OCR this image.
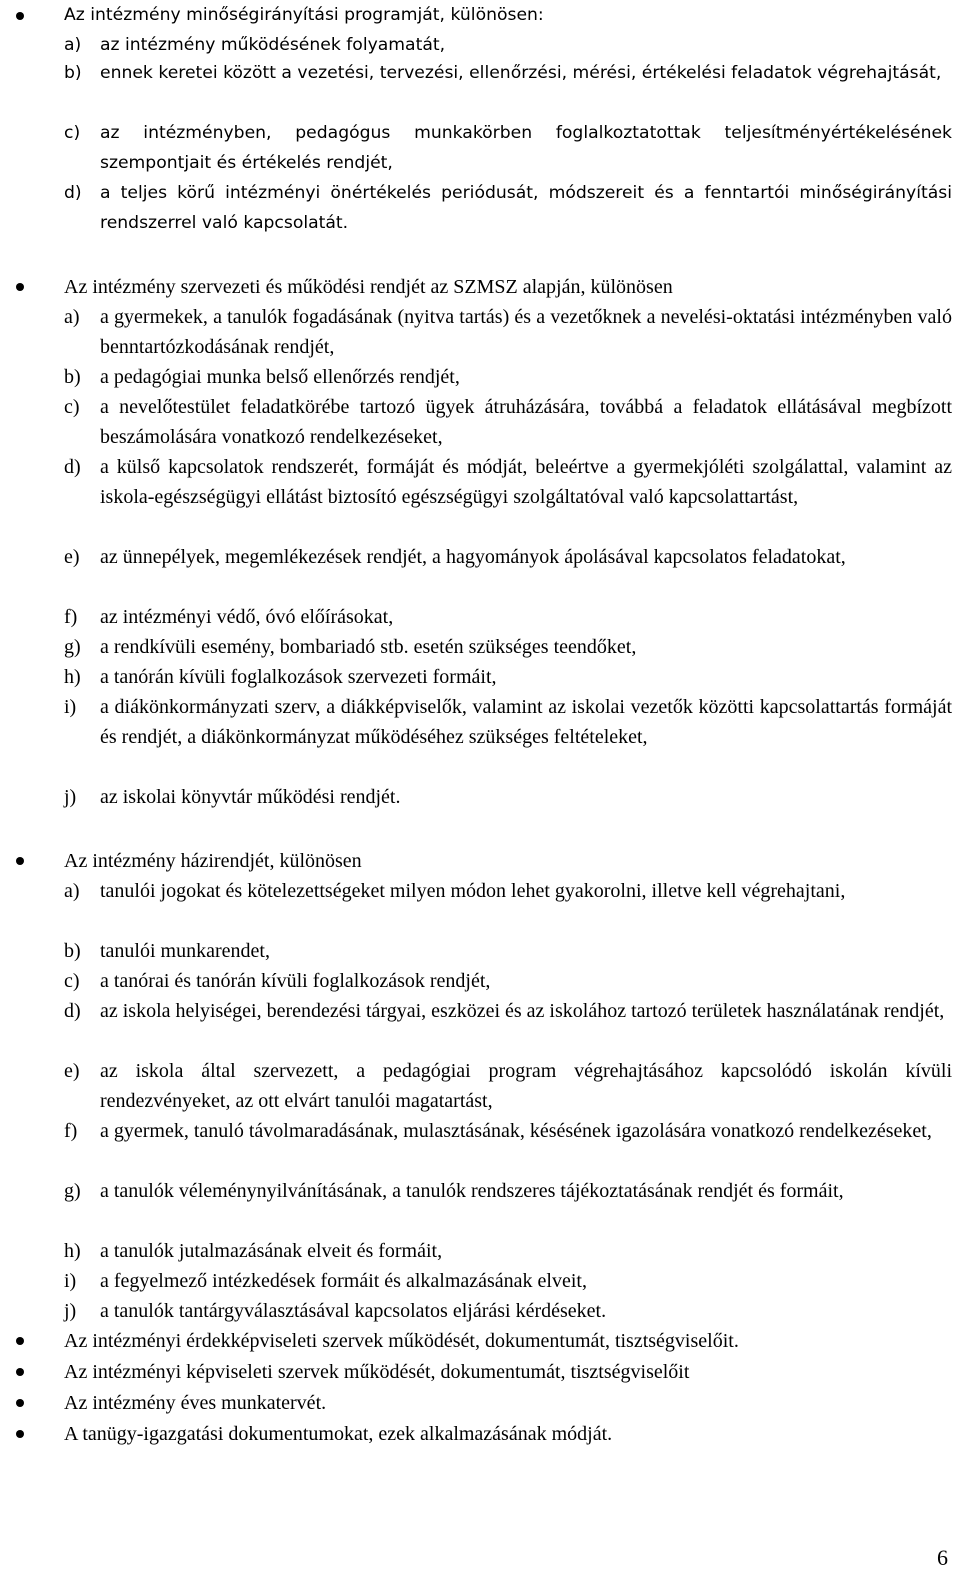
Az intézmény minőségirányítási programját, különösen:
a)	az intézmény működésének folyamatát,
b)	ennek keretei között a vezetési, tervezési, ellenőrzési, mérési, értékelési feladatok végrehajtását,
c)	az intézményben, pedagógus munkakörben foglalkoztatottak teljesítményértékelésének szempontjait és értékelés rendjét,
d)	a teljes körű intézményi önértékelés periódusát, módszereit és a fenntartói minőségirányítási rendszerrel való kapcsolatát.
Az intézmény szervezeti és működési rendjét az SZMSZ alapján, különösen
a)	a gyermekek, a tanulók fogadásának (nyitva tartás) és a vezetőknek a nevelési-oktatási intézményben való benntartózkodásának rendjét,
b) a pedagógiai munka belső ellenőrzés rendjét,
c)	a nevelőtestület feladatkörébe tartozó ügyek átruházására, továbbá a feladatok ellátásával megbízott beszámolására vonatkozó rendelkezéseket,
d) a külső kapcsolatok rendszerét, formáját és módját, beleértve a gyermekjóléti szolgálattal, valamint az iskola-egészségügyi ellátást biztosító egészségügyi szolgáltatóval való kapcsolattartást,
e)	az ünnepélyek, megemlékezések rendjét, a hagyományok ápolásával kapcsolatos feladatokat,
f)	az intézményi védő, óvó előírásokat,
g) a rendkívüli esemény, bombariadó stb. esetén szükséges teendőket,
h) a tanórán kívüli foglalkozások szervezeti formáit,
i)	a diákönkormányzati szerv, a diákképviselők, valamint az iskolai vezetők közötti kapcsolattartás formáját és rendjét, a diákönkormányzat működéséhez szükséges feltételeket,
j)	az iskolai könyvtár működési rendjét.
Az intézmény házirendjét, különösen
a)	tanulói jogokat és kötelezettségeket milyen módon lehet gyakorolni, illetve kell végrehajtani,
b) tanulói munkarendet,
c)	a tanórai és tanórán kívüli foglalkozások rendjét,
d) az iskola helyiségei, berendezési tárgyai, eszközei és az iskolához tartozó területek használatának rendjét,
e)	az iskola által szervezett, a pedagógiai program végrehajtásához kapcsolódó iskolán kívüli rendezvényeket, az ott elvárt tanulói magatartást,
f)	a gyermek, tanuló távolmaradásának, mulasztásának, késésének igazolására vonatkozó rendelkezéseket,
g) a tanulók véleménynyilvánításának, a tanulók rendszeres tájékoztatásának rendjét és formáit,
h) a tanulók jutalmazásának elveit és formáit,
i)	a fegyelmező intézkedések formáit és alkalmazásának elveit,
j)	a tanulók tantárgyválasztásával kapcsolatos eljárási kérdéseket.
Az intézményi érdekképviseleti szervek működését, dokumentumát, tisztségviselőit.
Az intézményi képviseleti szervek működését, dokumentumát, tisztségviselőit
Az intézmény éves munkatervét.
A tanügy-igazgatási dokumentumokat, ezek alkalmazásának módját.
6
